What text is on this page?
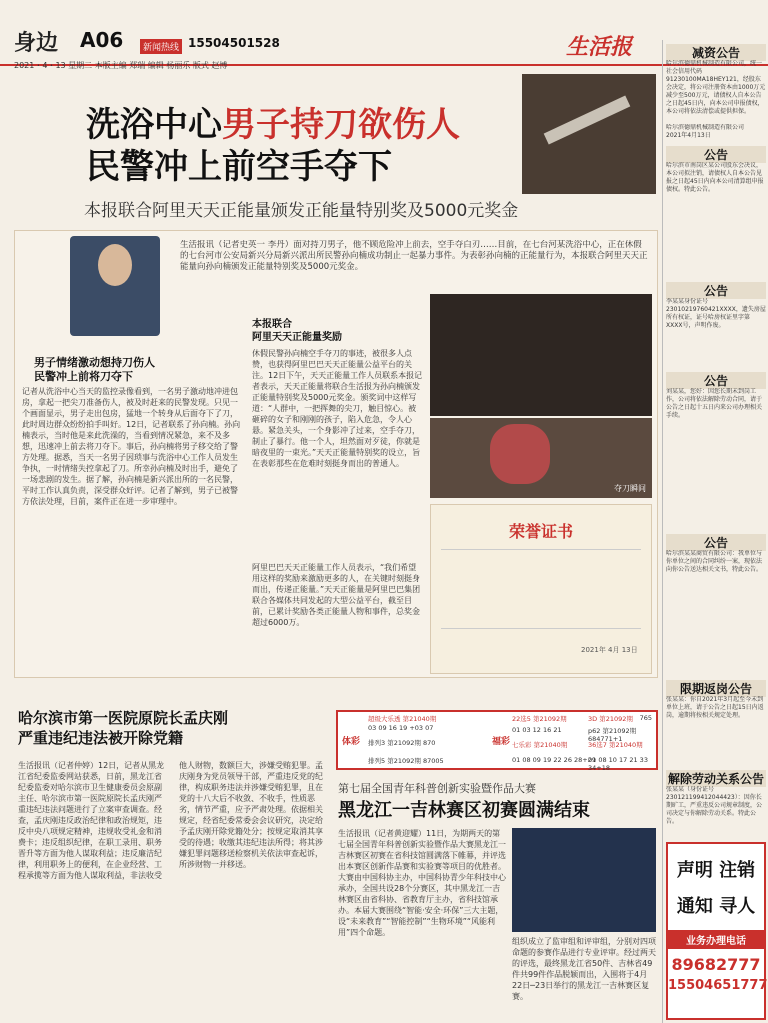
身边 A06	新闻热线 15504501528
2021・4・13 星期二 本版主编 郑瑞 编辑 杨丽乐 版式 赵博
生活报
洗浴中心男子持刀欲伤人
民警冲上前空手夺下
本报联合阿里天天正能量颁发正能量特别奖及5000元奖金
生活报讯（记者史英一 李丹）面对持刀男子，他不顾危险冲上前去，空手夺白刃……目前，在七台河某洗浴中心，正在休假的七台河市公安局新兴分局新兴派出所民警孙向楠成功制止一起暴力事件。为表彰孙向楠的正能量行为，本报联合阿里天天正能量向孙向楠颁发正能量特别奖及5000元奖金。
男子情绪激动想持刀伤人
民警冲上前将刀夺下
记者从洗浴中心当天的监控录像看到，一名男子激动地冲进包房，拿起一把尖刀准备伤人，被及时赶来的民警发现。只见一个画面显示，男子走出包房，猛地一个转身从后面夺下了刀，此时周边群众纷纷拍手叫好。12日，记者联系了孙向楠。孙向楠表示，当时他是来此洗澡的，当看到情况紧急，来不及多想，迅速冲上前去将刀夺下。事后，孙向楠将男子移交给了警方处理。据悉，当天一名男子因琐事与洗浴中心工作人员发生争执，一时情绪失控拿起了刀。所幸孙向楠及时出手，避免了一场悲剧的发生。据了解，孙向楠是新兴派出所的一名民警，平时工作认真负责，深受群众好评。记者了解到，男子已被警方依法处理，目前，案件正在进一步审理中。
本报联合
阿里天天正能量奖励
休假民警孙向楠空手夺刀的事迹，被很多人点赞，也获得阿里巴巴天天正能量公益平台的关注。12日下午，天天正能量工作人员联系本报记者表示，天天正能量将联合生活报为孙向楠颁发正能量特别奖及5000元奖金。颁奖词中这样写道：“人群中，一把挥舞的尖刀，触目惊心。被砸碎的女子和刚刚的孩子，陷入危急，令人心悬。紧急关头，一个身影冲了过来，空手夺刀，制止了暴行。他一个人，坦然面对歹徒，你就是暗夜里的一束光。”天天正能量特别奖的设立，旨在表彰那些在危难时刻挺身而出的普通人。
阿里巴巴天天正能量工作人员表示，“我们希望用这样的奖励来激励更多的人，在关键时刻挺身而出，传递正能量。”天天正能量是阿里巴巴集团联合各媒体共同发起的大型公益平台，截至目前，已累计奖励各类正能量人物和事件，总奖金超过6000万。
夺刀瞬间
荣誉证书
2021年 4月 13日
哈尔滨市第一医院原院长孟庆刚
严重违纪违法被开除党籍
生活报讯（记者仲婷）12日，记者从黑龙江省纪委监委网站获悉，日前，黑龙江省纪委监委对哈尔滨市卫生健康委员会原副主任、哈尔滨市第一医院原院长孟庆刚严重违纪违法问题进行了立案审查调查。经查，孟庆刚违反政治纪律和政治规矩，违反中央八项规定精神，违规收受礼金和消费卡；违反组织纪律，在职工录用、职务晋升等方面为他人谋取利益；违反廉洁纪律，利用职务上的便利，在企业经营、工程承揽等方面为他人谋取利益，非法收受他人财物，数额巨大，涉嫌受贿犯罪。孟庆刚身为党员领导干部，严重违反党的纪律，构成职务违法并涉嫌受贿犯罪，且在党的十八大后不收敛、不收手，性质恶劣，情节严重，应予严肃处理。依据相关规定，经省纪委常委会会议研究，决定给予孟庆刚开除党籍处分；按规定取消其享受的待遇；收缴其违纪违法所得；将其涉嫌犯罪问题移送检察机关依法审查起诉，所涉财物一并移送。
体彩	福彩
超级大乐透 第21040期
03 09 16 19 +03 07
排列3 第21092期 870
排列5 第21092期 87005
22选5 第21092期
01 03 12 16 21
七乐彩 第21040期
01 08 09 19 22 26 28+29
3D 第21092期
p62 第21092期 684771+1
36选7 第21040期
01 08 10 17 21 33 34+18
765
第七届全国青年科普创新实验暨作品大赛
黑龙江一吉林赛区初赛圆满结束
生活报讯（记者黄迎耀）11日，为期两天的第七届全国青年科普创新实验暨作品大赛黑龙江一吉林赛区初赛在省科技馆圆满落下帷幕，并评选出本赛区创新作品赛和实验赛等项目的优胜者。大赛由中国科协主办，中国科协青少年科技中心承办，全国共设28个分赛区，其中黑龙江一吉林赛区由省科协、省教育厅主办，省科技馆承办。本届大赛围绕“智能·安全·环保”三大主题，设“未来教育”“智能控制”“生物环境”“风能利用”四个命题。
组织成立了监审组和评审组，分别对四项命题的参赛作品进行专业评审。经过两天的评选，最终黑龙江省50件、吉林省49件共99件作品脱颖而出，入围将于4月22日─23日举行的黑龙江一吉林赛区复赛。
减资公告
哈尔滨德鼎机械制造有限公司，统一社会信用代码91230100MA18HEY121，经股东会决定，将公司注册资本由1000万元减少至500万元，请债权人自本公告之日起45日内，向本公司申报债权，本公司将依法清偿或提供担保。
哈尔滨德鼎机械制造有限公司
2021年4月13日
公告
哈尔滨市南岗区某公司股东会决议，本公司拟注销，请债权人自本公告见报之日起45日内向本公司清算组申报债权。特此公告。
公告
李某某身份证号23010219760421XXXX，遗失房屋所有权证，证号哈房权证里字第XXXX号，声明作废。
公告
刘某某，您好：因您长期未到岗工作，公司将依法解除劳动合同，请于公告之日起十五日内来公司办理相关手续。
公告
哈尔滨某某商贸有限公司：我单位与你单位之间的合同纠纷一案，现依法向你公告送达相关文书，特此公告。
限期返岗公告
张某某：你自2021年3月起至今未到单位上班，请于公告之日起15日内返岗，逾期将按相关规定处理。
解除劳动关系公告
张某某（身份证号230121199412044423）：因你长期旷工，严重违反公司规章制度，公司决定与你解除劳动关系。特此公告。
声明 注销
通知 寻人
业务办理电话
89682777
15504651777
